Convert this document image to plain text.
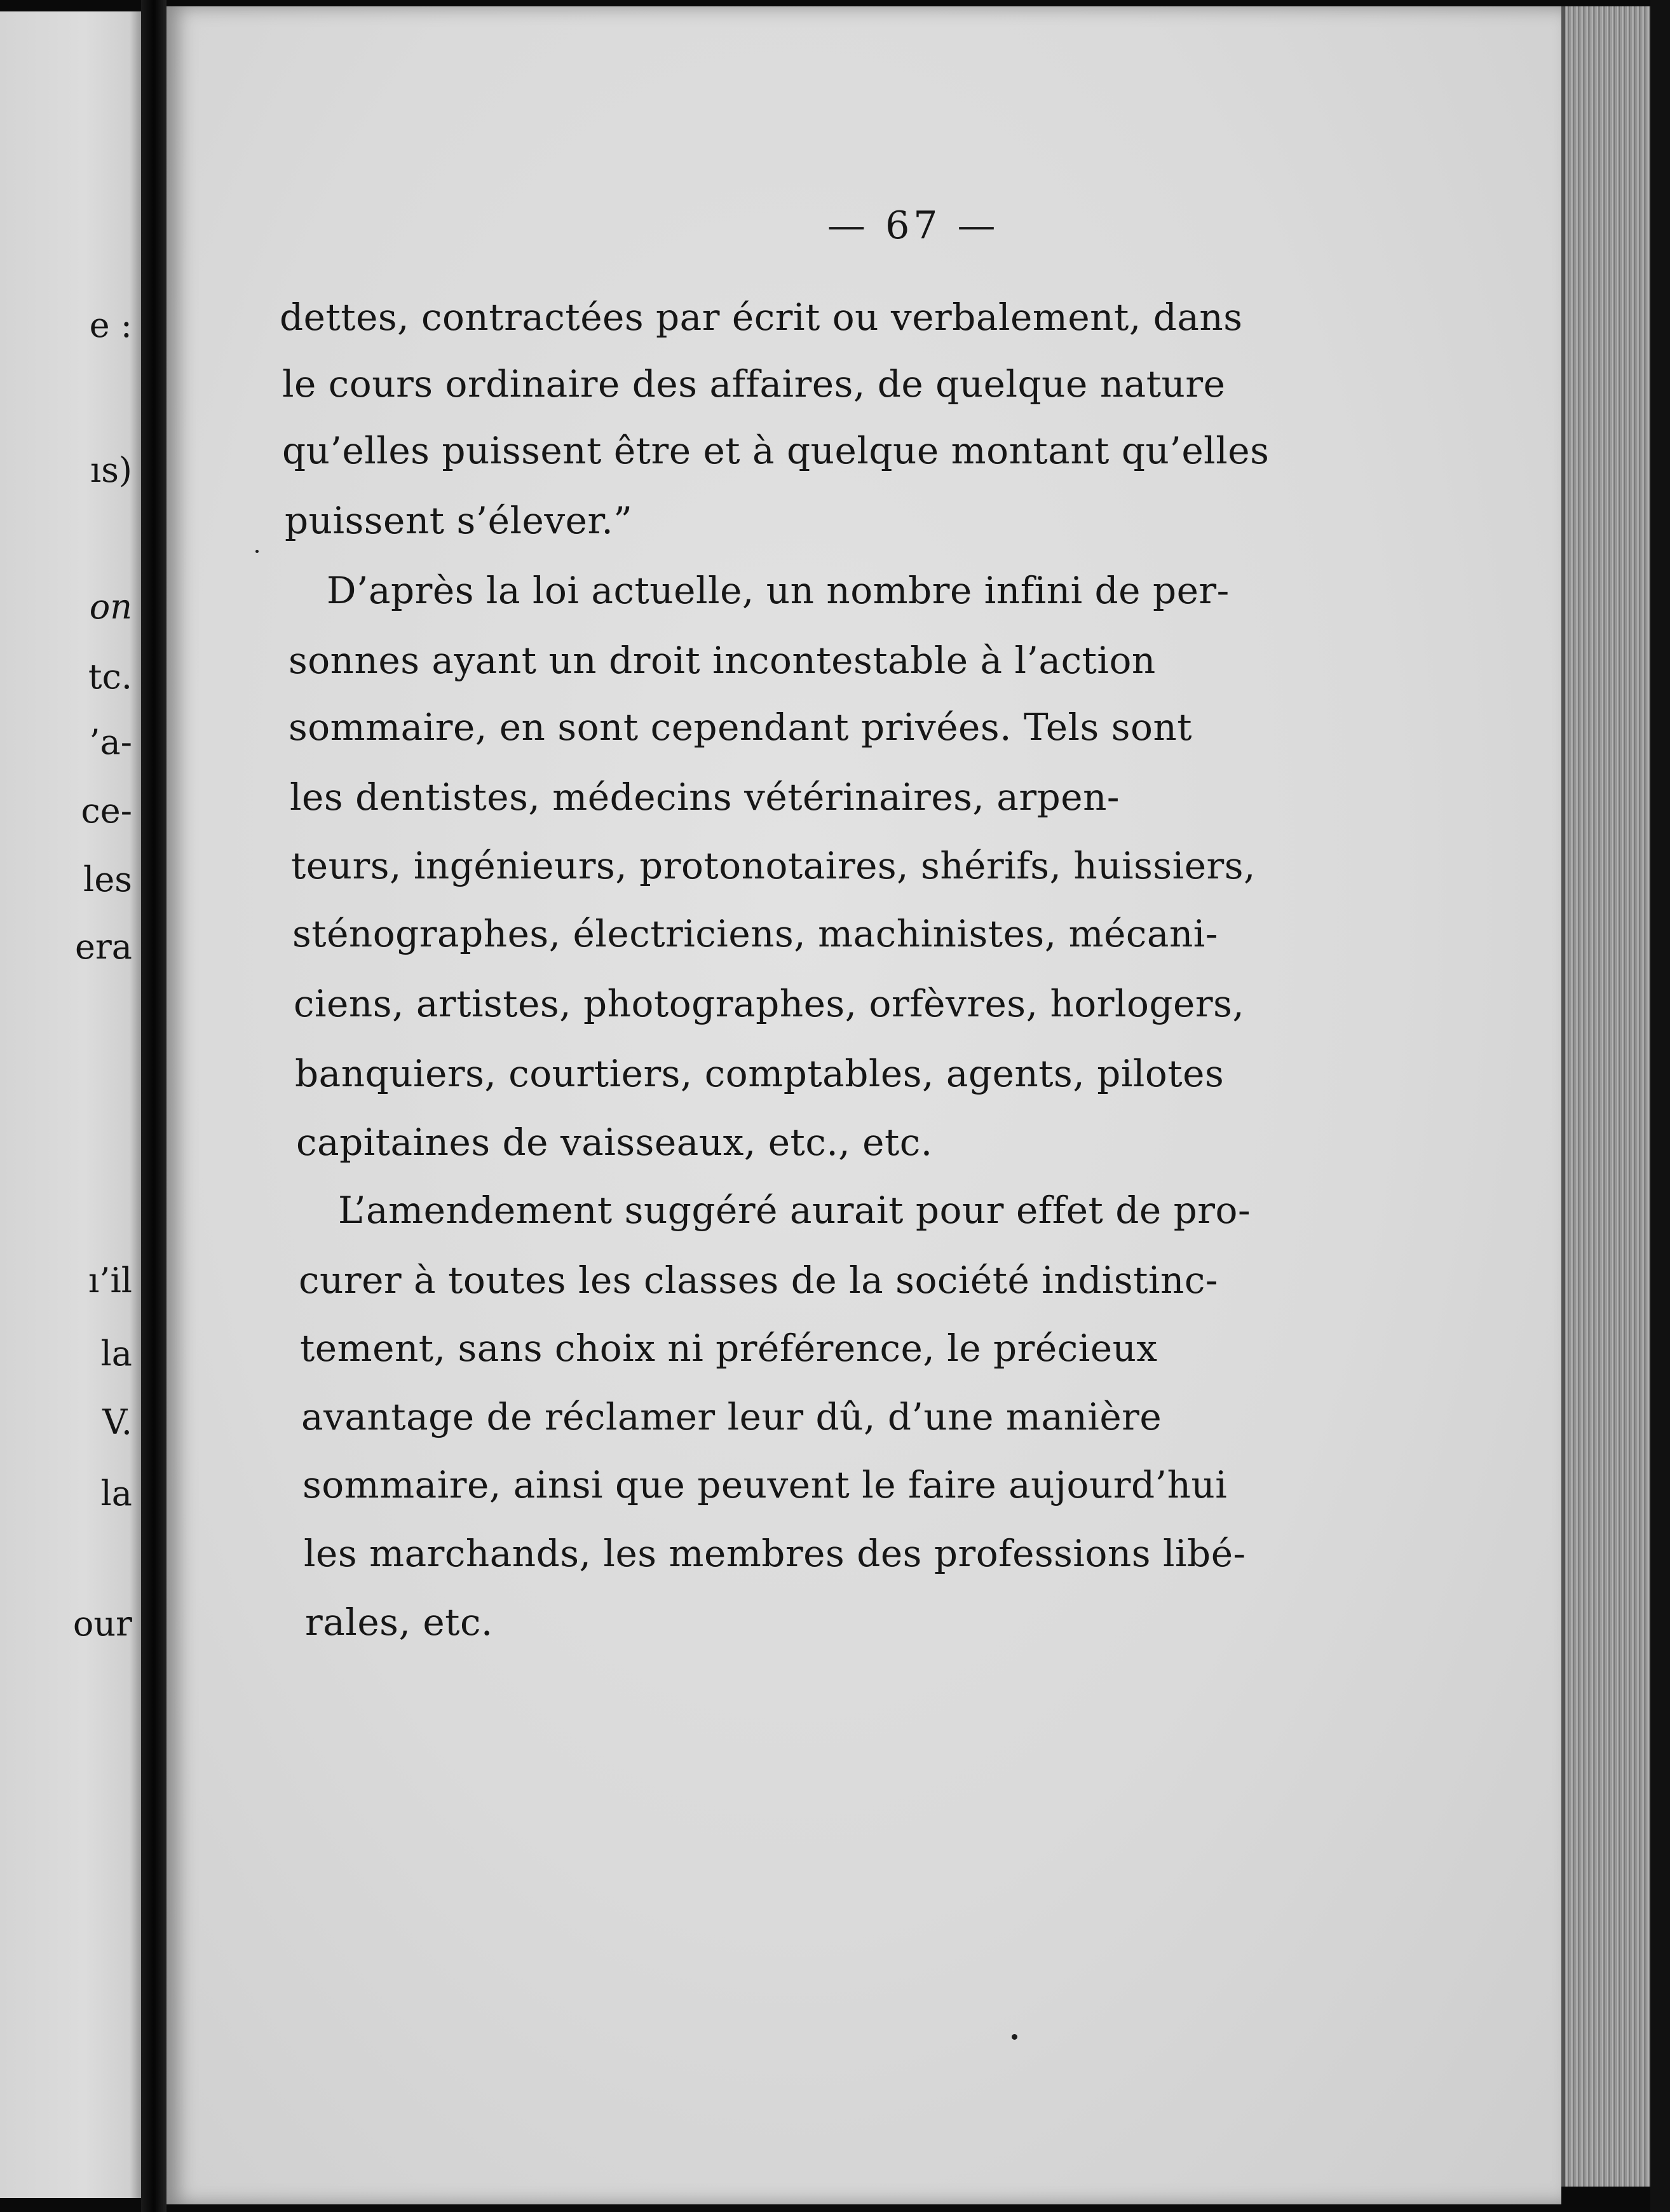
e :
ıs)
on
tc.
’a-
ce-
les
era
ı’il
la
V.
la
our
— 67 —
dettes, contractées par écrit ou verbalement, dans
le cours ordinaire des affaires, de quelque nature
qu’elles puissent être et à quelque montant qu’elles
puissent s’élever.”
D’après la loi actuelle, un nombre infini de per-
sonnes ayant un droit incontestable à l’action
sommaire, en sont cependant privées. Tels sont
les dentistes, médecins vétérinaires, arpen-
teurs, ingénieurs, protonotaires, shérifs, huissiers,
sténographes, électriciens, machinistes, mécani-
ciens, artistes, photographes, orfèvres, horlogers,
banquiers, courtiers, comptables, agents, pilotes
capitaines de vaisseaux, etc., etc.
L’amendement suggéré aurait pour effet de pro-
curer à toutes les classes de la société indistinc-
tement, sans choix ni préférence, le précieux
avantage de réclamer leur dû, d’une manière
sommaire, ainsi que peuvent le faire aujourd’hui
les marchands, les membres des professions libé-
rales, etc.
